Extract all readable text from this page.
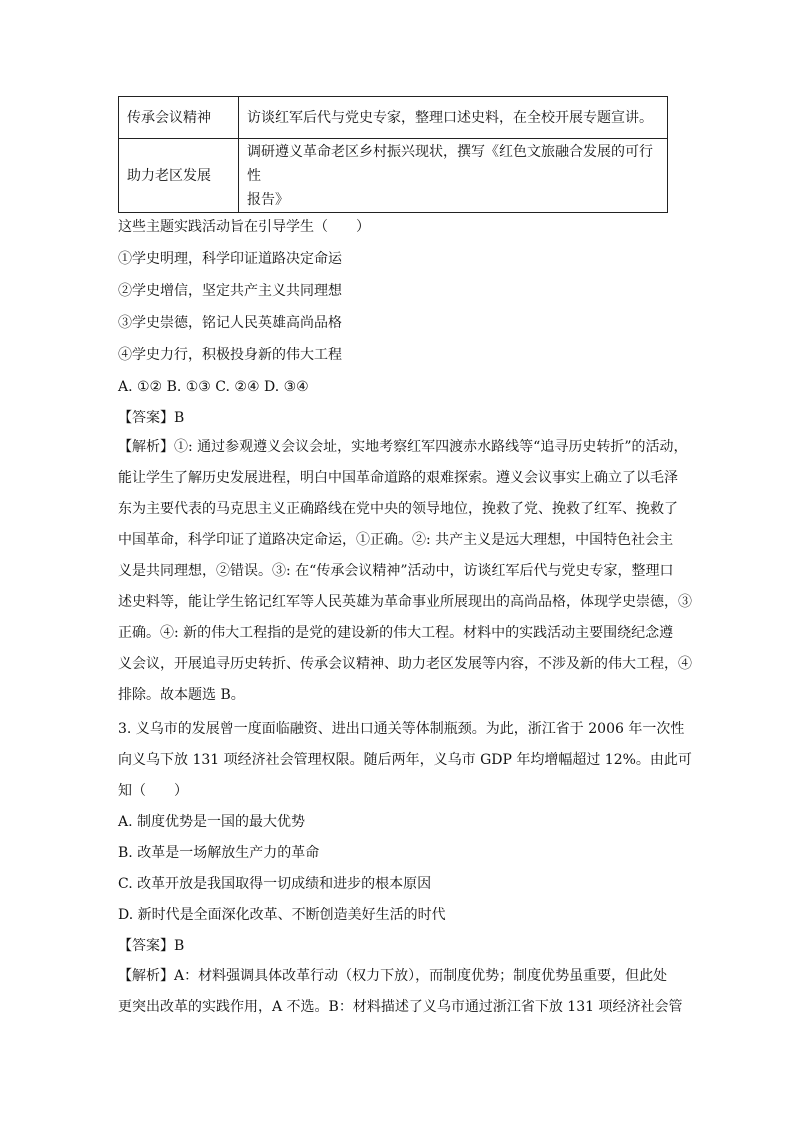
传承会议精神	访谈红军后代与党史专家，整理口述史料，在全校开展专题宣讲。
助力老区发展	调研遵义革命老区乡村振兴现状，撰写《红色文旅融合发展的可行性
报告》
这些主题实践活动旨在引导学生（　　）
①学史明理，科学印证道路决定命运
②学史增信，坚定共产主义共同理想
③学史崇德，铭记人民英雄高尚品格
④学史力行，积极投身新的伟大工程
A. ①② B. ①③ C. ②④ D. ③④
【答案】B
【解析】①: 通过参观遵义会议会址，实地考察红军四渡赤水路线等“追寻历史转折”的活动，
能让学生了解历史发展进程，明白中国革命道路的艰难探索。遵义会议事实上确立了以毛泽
东为主要代表的马克思主义正确路线在党中央的领导地位，挽救了党、挽救了红军、挽救了
中国革命，科学印证了道路决定命运，①正确。②: 共产主义是远大理想，中国特色社会主
义是共同理想，②错误。③: 在“传承会议精神”活动中，访谈红军后代与党史专家，整理口
述史料等，能让学生铭记红军等人民英雄为革命事业所展现出的高尚品格，体现学史崇德，③
正确。④: 新的伟大工程指的是党的建设新的伟大工程。材料中的实践活动主要围绕纪念遵
义会议，开展追寻历史转折、传承会议精神、助力老区发展等内容，不涉及新的伟大工程，④
排除。故本题选 B。
3. 义乌市的发展曾一度面临融资、进出口通关等体制瓶颈。为此，浙江省于 2006 年一次性
向义乌下放 131 项经济社会管理权限。随后两年，义乌市 GDP 年均增幅超过 12%。由此可
知（　　）
A. 制度优势是一国的最大优势
B. 改革是一场解放生产力的革命
C. 改革开放是我国取得一切成绩和进步的根本原因
D. 新时代是全面深化改革、不断创造美好生活的时代
【答案】B
【解析】A：材料强调具体改革行动（权力下放），而制度优势；制度优势虽重要，但此处
更突出改革的实践作用，A 不选。B：材料描述了义乌市通过浙江省下放 131 项经济社会管
